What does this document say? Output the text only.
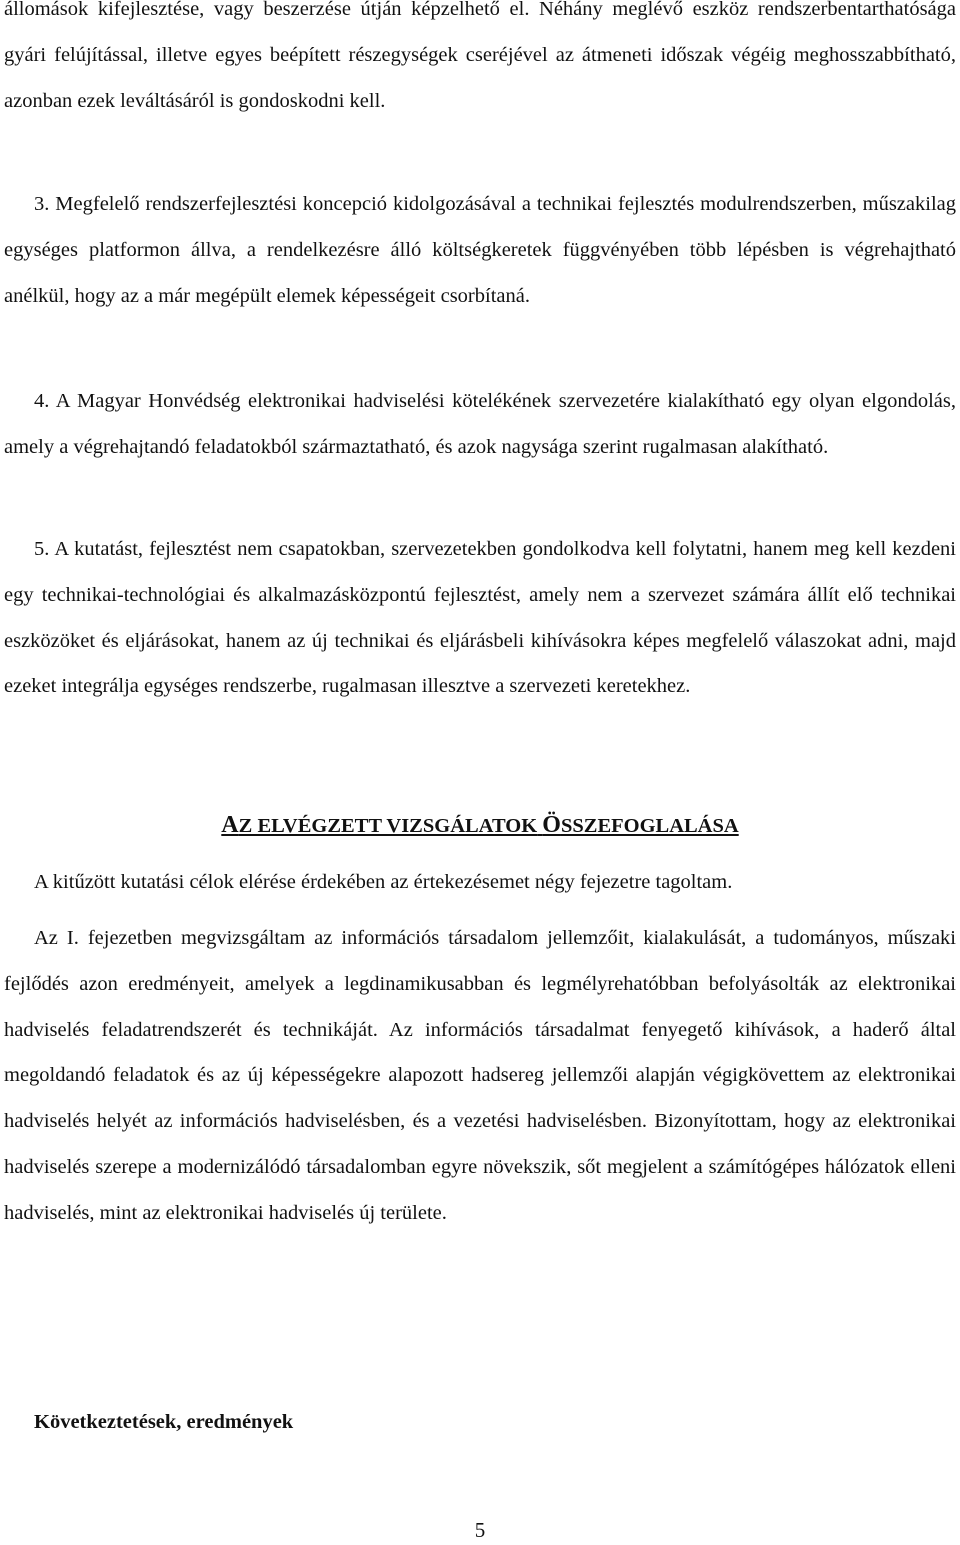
állomások kifejlesztése, vagy beszerzése útján képzelhető el. Néhány meglévő eszköz rendszerbentarthatósága gyári felújítással, illetve egyes beépített részegységek cseréjével az átmeneti időszak végéig meghosszabbítható, azonban ezek leváltásáról is gondoskodni kell.

3. Megfelelő rendszerfejlesztési koncepció kidolgozásával a technikai fejlesztés modulrendszerben, műszakilag egységes platformon állva, a rendelkezésre álló költségkeretek függvényében több lépésben is végrehajtható anélkül, hogy az a már megépült elemek képességeit csorbítaná.

4. A Magyar Honvédség elektronikai hadviselési kötelékének szervezetére kialakítható egy olyan elgondolás, amely a végrehajtandó feladatokból származtatható, és azok nagysága szerint rugalmasan alakítható.

5. A kutatást, fejlesztést nem csapatokban, szervezetekben gondolkodva kell folytatni, hanem meg kell kezdeni egy technikai-technológiai és alkalmazásközpontú fejlesztést, amely nem a szervezet számára állít elő technikai eszközöket és eljárásokat, hanem az új technikai és eljárásbeli kihívásokra képes megfelelő válaszokat adni, majd ezeket integrálja egységes rendszerbe, rugalmasan illesztve a szervezeti keretekhez.

AZ ELVÉGZETT VIZSGÁLATOK ÖSSZEFOGLALÁSA

A kitűzött kutatási célok elérése érdekében az értekezésemet négy fejezetre tagoltam.

Az I. fejezetben megvizsgáltam az információs társadalom jellemzőit, kialakulását, a tudományos, műszaki fejlődés azon eredményeit, amelyek a legdinamikusabban és legmélyrehatóbban befolyásolták az elektronikai hadviselés feladatrendszerét és technikáját. Az információs társadalmat fenyegető kihívások, a haderő által megoldandó feladatok és az új képességekre alapozott hadsereg jellemzői alapján végigkövettem az elektronikai hadviselés helyét az információs hadviselésben, és a vezetési hadviselésben. Bizonyítottam, hogy az elektronikai hadviselés szerepe a modernizálódó társadalomban egyre növekszik, sőt megjelent a számítógépes hálózatok elleni hadviselés, mint az elektronikai hadviselés új területe.

Következtetések, eredmények
5
